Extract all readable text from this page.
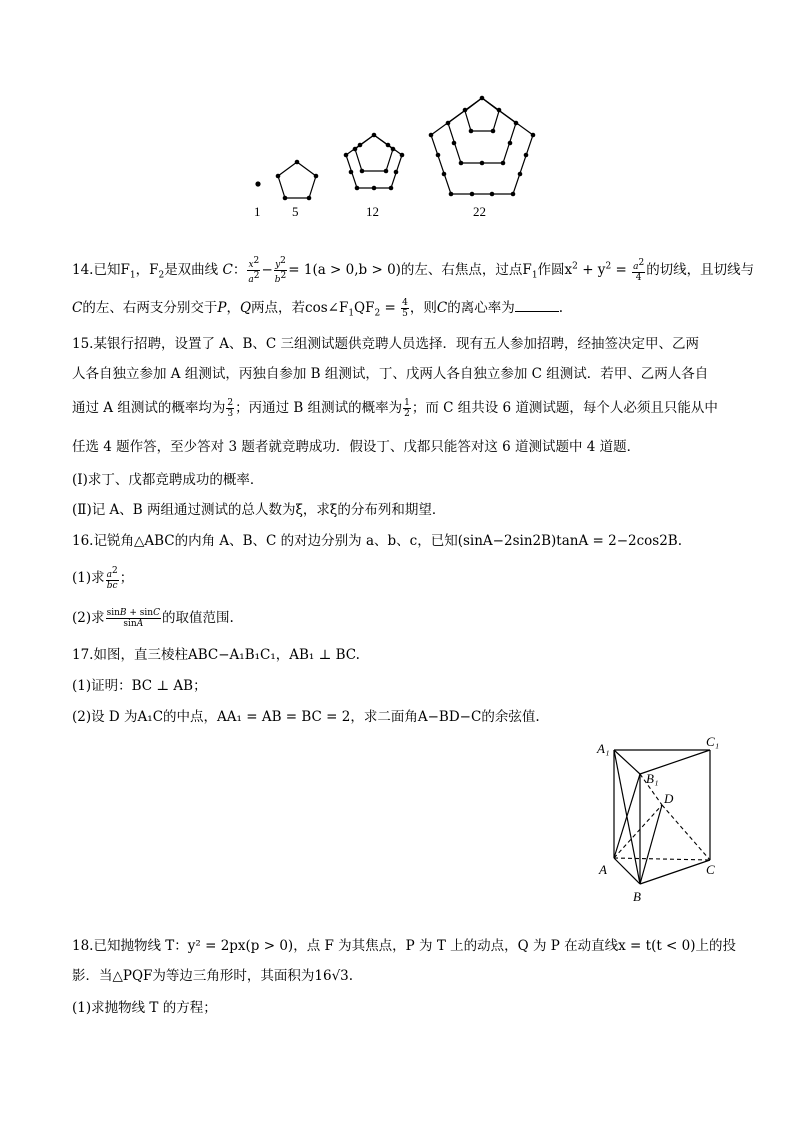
1 5	12	22
14.已知$F_1$，$F_2$是双曲线 C： $\frac{x^2}{a^2} - \frac{y^2}{b^2} = 1(a > 0,b > 0)$的左、右焦点，过点$F_1$作圆$x^2 + y^2 = \frac{a^2}{4}$ 的切线，且切线与
C的左、右两支分别交于P，Q两点，若$\cos\angle F_1QF_2 = \frac{4}{5}$ ，则C的离心率为	.
15.某银行招聘，设置了 A、B、C 三组测试题供竞聘人员选择．现有五人参加招聘，经抽签决定甲、乙两
人各自独立参加 A 组测试，丙独自参加 B 组测试，丁、戊两人各自独立参加 C 组测试．若甲、乙两人各自
通过 A 组测试的概率均为 $\frac{2}{3}$ ；丙通过 B 组测试的概率为 $\frac{1}{2}$ ；而 C 组共设 6 道测试题，每个人必须且只能从中
任选 4 题作答，至少答对 3 题者就竞聘成功．假设丁、戊都只能答对这 6 道测试题中 4 道题．
(Ⅰ)求丁、戊都竞聘成功的概率．
(Ⅱ)记 A、B 两组通过测试的总人数为ξ，求ξ的分布列和期望．
16.记锐角△ABC的内角 A、B、C 的对边分别为 a、b、c，已知(sinA−2sin2B)tanA = 2−2cos2B.
(1)求 $\frac{a^2}{bc}$ ；
(2)求 $\frac{\sin B + \sin C}{\sin A}$ 的取值范围.
17.如图，直三棱柱ABC−A₁B₁C₁，AB₁ ⊥ BC.
(1)证明：BC ⊥ AB；
(2)设 D 为A₁C的中点，AA₁ = AB = BC = 2，求二面角A−BD−C的余弦值.
A₁	C₁
B₁
D
A	C
B
18.已知抛物线 T：y² = 2px(p > 0)，点 F 为其焦点，P 为 T 上的动点，Q 为 P 在动直线x = t(t < 0)上的投
影．当△PQF为等边三角形时，其面积为16√3.
(1)求抛物线 T 的方程；
